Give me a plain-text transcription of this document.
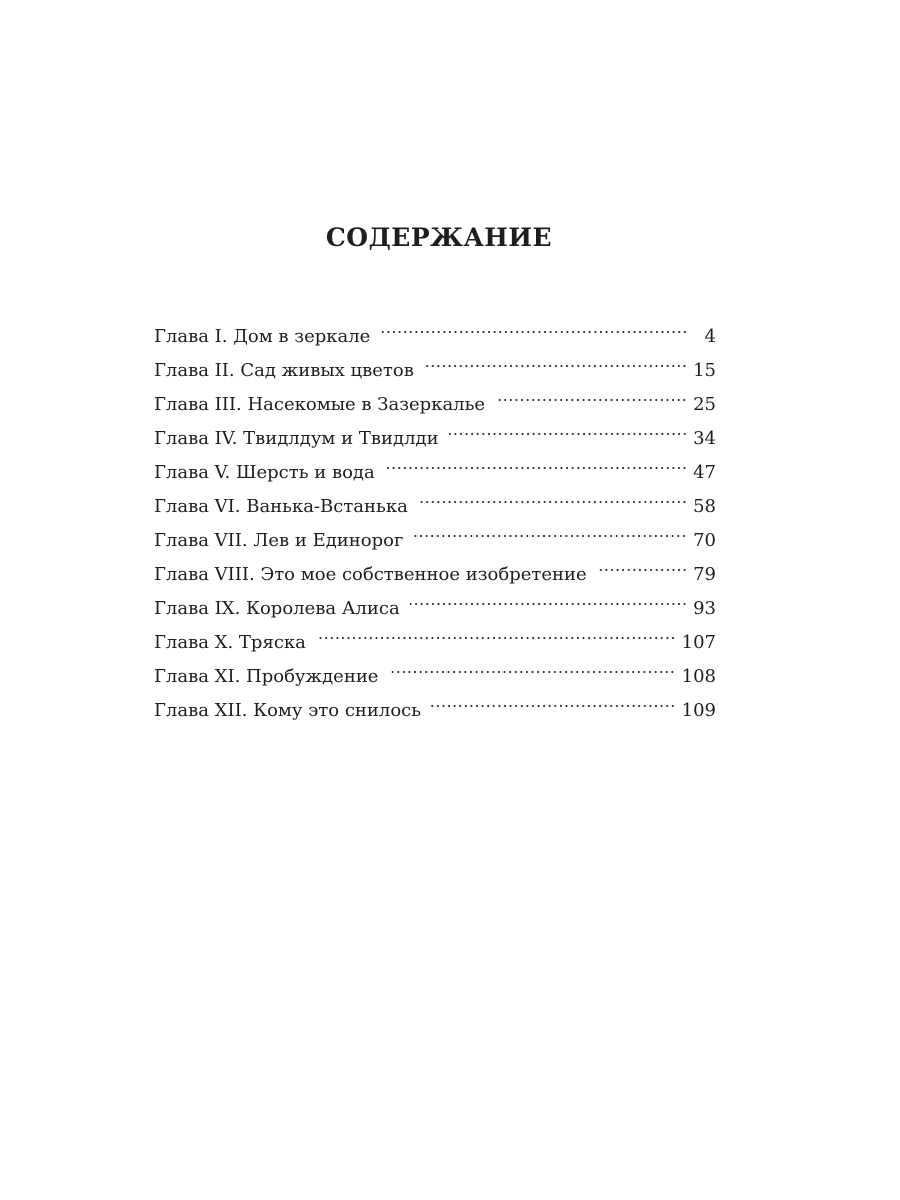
СОДЕРЖАНИЕ
Глава I. Дом в зеркале	4
Глава II. Сад живых цветов	15
Глава III. Насекомые в Зазеркалье	25
Глава IV. Твидлдум и Твидлди	34
Глава V. Шерсть и вода	47
Глава VI. Ванька-Встанька	58
Глава VII. Лев и Единорог	70
Глава VIII. Это мое собственное изобретение	79
Глава IX. Королева Алиса	93
Глава X. Тряска	107
Глава XI. Пробуждение	108
Глава XII. Кому это снилось	109
